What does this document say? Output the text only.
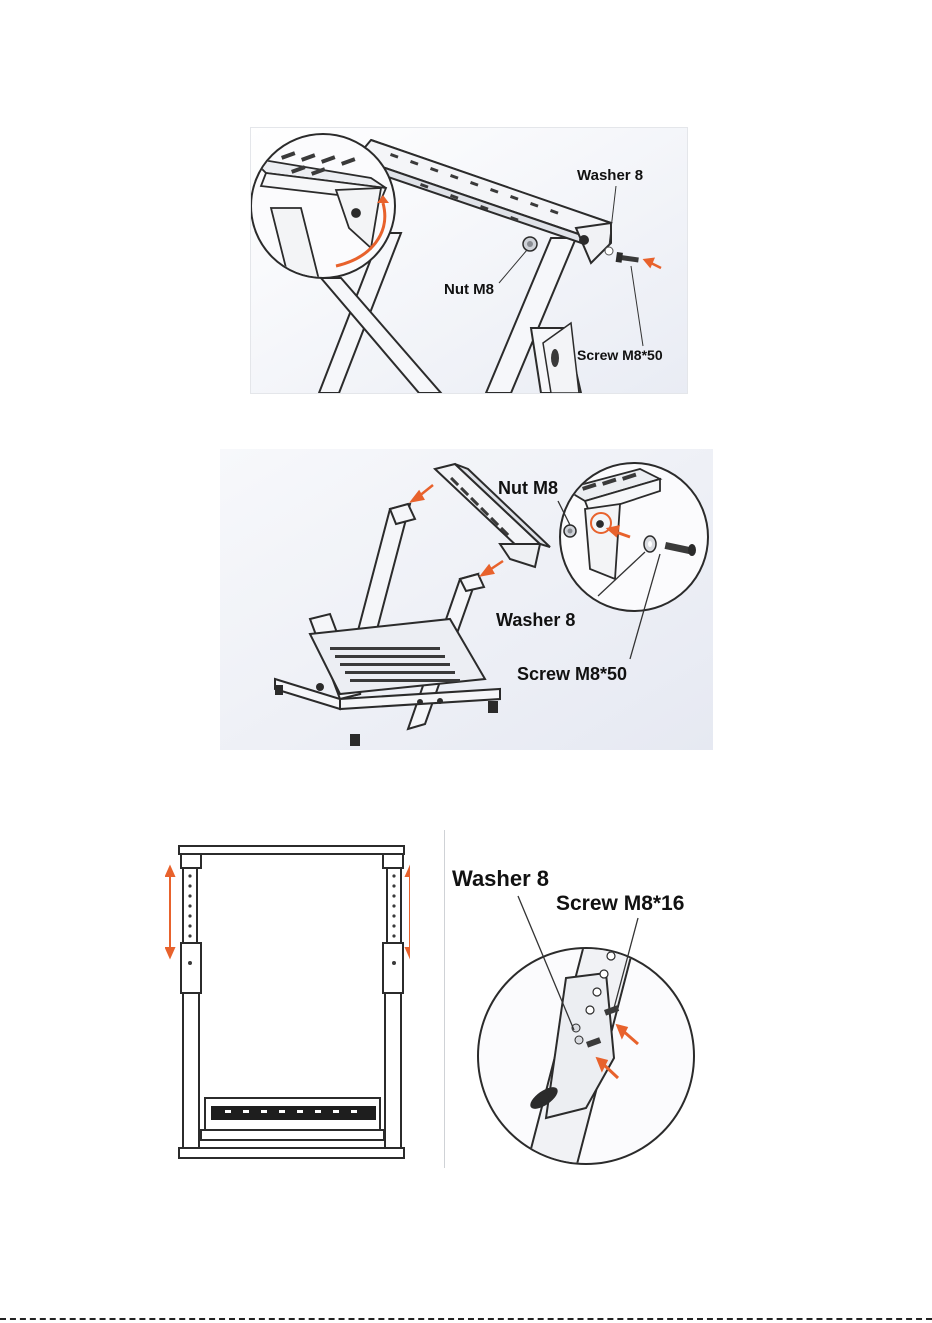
Washer 8
Nut M8
Screw M8*50
Nut M8
Washer 8
Screw M8*50
Washer 8
Screw M8*16
